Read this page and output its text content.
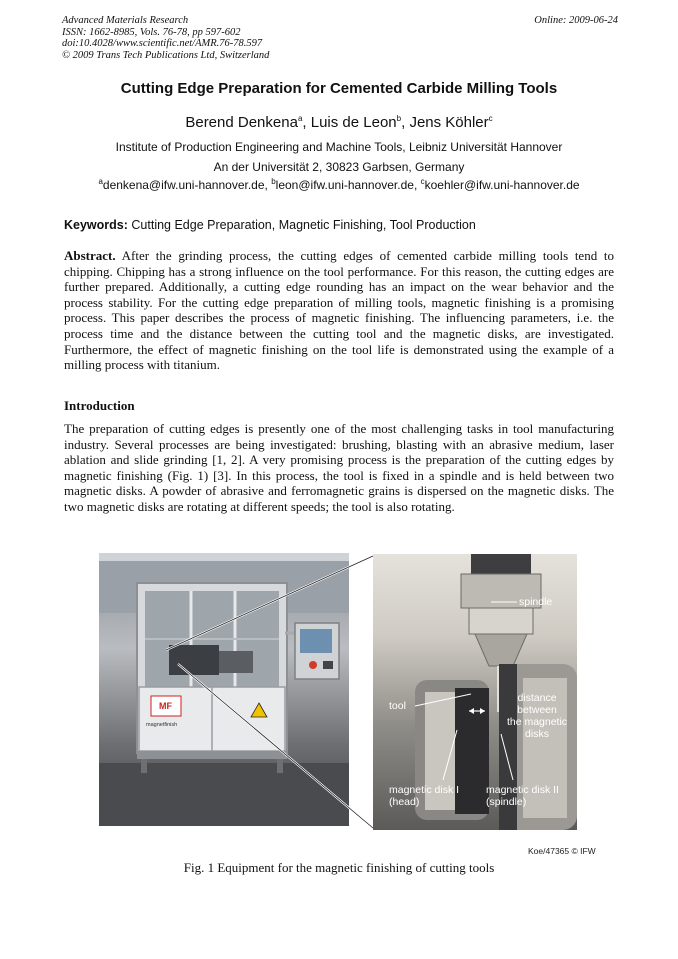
Advanced Materials Research
ISSN: 1662-8985, Vols. 76-78, pp 597-602
doi:10.4028/www.scientific.net/AMR.76-78.597
© 2009 Trans Tech Publications Ltd, Switzerland
Online: 2009-06-24
Cutting Edge Preparation for Cemented Carbide Milling Tools
Berend Denkena$^a$, Luis de Leon$^b$, Jens Köhler$^c$
Institute of Production Engineering and Machine Tools, Leibniz Universität Hannover
An der Universität 2, 30823 Garbsen, Germany
$^a$denkena@ifw.uni-hannover.de, $^b$leon@ifw.uni-hannover.de, $^c$koehler@ifw.uni-hannover.de
Keywords: Cutting Edge Preparation, Magnetic Finishing, Tool Production

Abstract. After the grinding process, the cutting edges of cemented carbide milling tools tend to chipping. Chipping has a strong influence on the tool performance. For this reason, the cutting edges are further prepared. Additionally, a cutting edge rounding has an impact on the wear behavior and the process stability. For the cutting edge preparation of milling tools, magnetic finishing is a promising process. This paper describes the process of magnetic finishing. The influencing parameters, i.e. the process time and the distance between the cutting tool and the magnetic disks, are investigated. Furthermore, the effect of magnetic finishing on the tool life is demonstrated using the example of a milling process with titanium.

Introduction

The preparation of cutting edges is presently one of the most challenging tasks in tool manufacturing industry. Several processes are being investigated: brushing, blasting with an abrasive medium, laser ablation and slide grinding [1, 2]. A very promising process is the preparation of the cutting edges by magnetic finishing (Fig. 1) [3]. In this process, the tool is fixed in a spindle and is held between two magnetic disks. A powder of abrasive and ferromagnetic grains is dispersed on the magnetic disks. The two magnetic disks are rotating at different speeds; the tool is also rotating.

MF
magnetfinish
spindle
tool
distance
between
the magnetic
disks
magnetic disk I
(head)
magnetic disk II
(spindle)
Koe/47365 © IFW
Fig. 1 Equipment for the magnetic finishing of cutting tools
